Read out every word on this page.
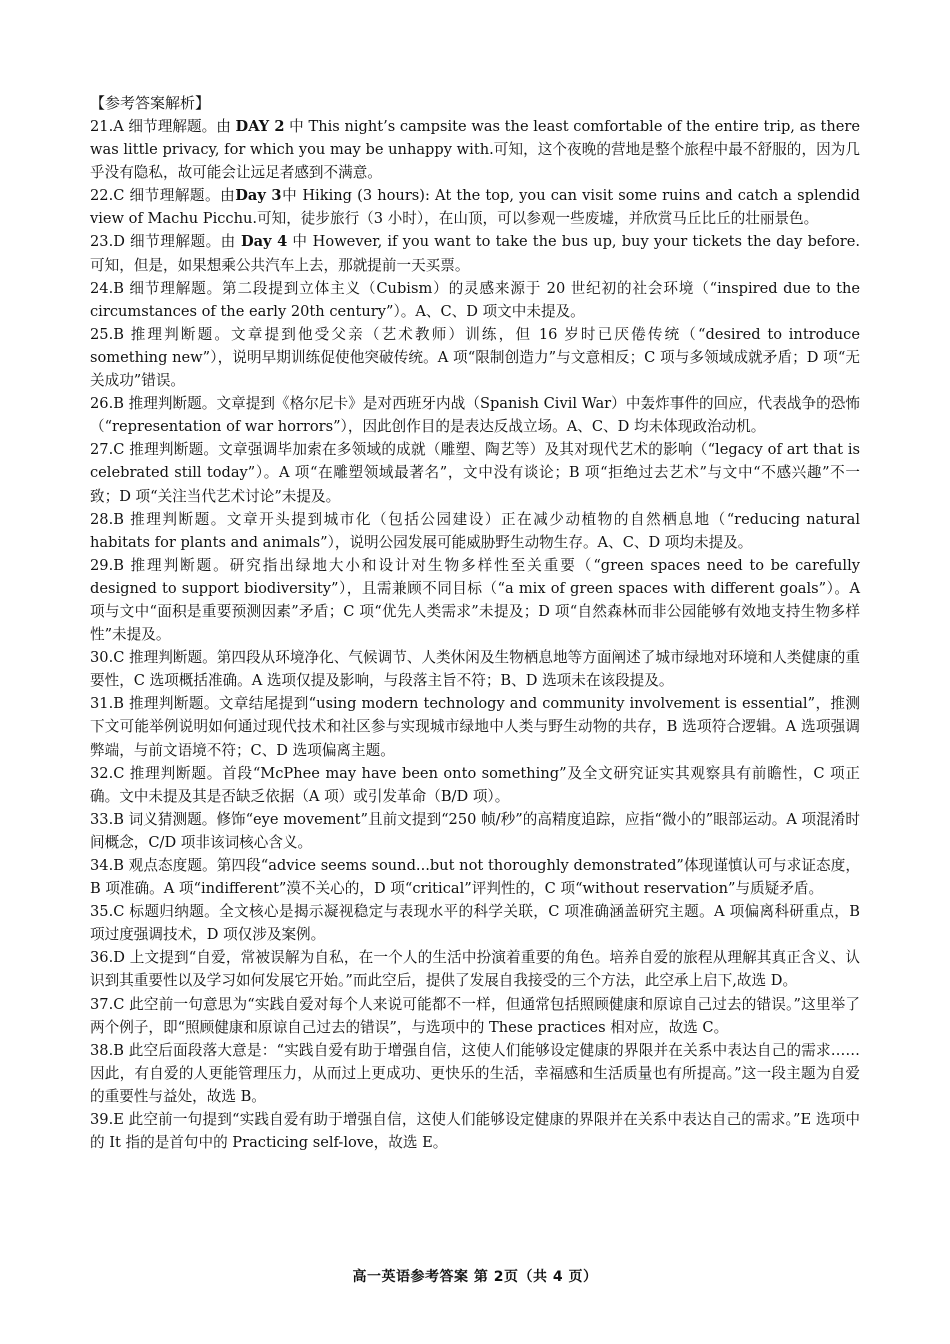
【参考答案解析】

21.A 细节理解题。由 DAY 2 中 This night’s campsite was the least comfortable of the entire trip, as there was little privacy, for which you may be unhappy with.可知，这个夜晚的营地是整个旅程中最不舒服的，因为几乎没有隐私，故可能会让远足者感到不满意。

22.C 细节理解题。由Day 3中 Hiking (3 hours): At the top, you can visit some ruins and catch a splendid view of Machu Picchu.可知，徒步旅行（3 小时），在山顶，可以参观一些废墟，并欣赏马丘比丘的壮丽景色。

23.D 细节理解题。由 Day 4 中 However, if you want to take the bus up, buy your tickets the day before.可知，但是，如果想乘公共汽车上去，那就提前一天买票。

24.B 细节理解题。第二段提到立体主义（Cubism）的灵感来源于 20 世纪初的社会环境（“inspired due to the circumstances of the early 20th century”）。A、C、D 项文中未提及。

25.B 推理判断题。文章提到他受父亲（艺术教师）训练，但 16 岁时已厌倦传统（“desired to introduce something new”），说明早期训练促使他突破传统。A 项“限制创造力”与文意相反；C 项与多领域成就矛盾；D 项“无关成功”错误。

26.B 推理判断题。文章提到《格尔尼卡》是对西班牙内战（Spanish Civil War）中轰炸事件的回应，代表战争的恐怖（“representation of war horrors”），因此创作目的是表达反战立场。A、C、D 均未体现政治动机。

27.C 推理判断题。文章强调毕加索在多领域的成就（雕塑、陶艺等）及其对现代艺术的影响（“legacy of art that is celebrated still today”）。A 项“在雕塑领域最著名”，文中没有谈论；B 项“拒绝过去艺术”与文中“不感兴趣”不一致；D 项“关注当代艺术讨论”未提及。

28.B 推理判断题。文章开头提到城市化（包括公园建设）正在减少动植物的自然栖息地（“reducing natural habitats for plants and animals”），说明公园发展可能威胁野生动物生存。A、C、D 项均未提及。

29.B 推理判断题。研究指出绿地大小和设计对生物多样性至关重要（“green spaces need to be carefully designed to support biodiversity”），且需兼顾不同目标（“a mix of green spaces with different goals”）。A 项与文中“面积是重要预测因素”矛盾；C 项“优先人类需求”未提及；D 项“自然森林而非公园能够有效地支持生物多样性”未提及。

30.C 推理判断题。第四段从环境净化、气候调节、人类休闲及生物栖息地等方面阐述了城市绿地对环境和人类健康的重要性，C 选项概括准确。A 选项仅提及影响，与段落主旨不符；B、D 选项未在该段提及。

31.B 推理判断题。文章结尾提到“using modern technology and community involvement is essential”，推测下文可能举例说明如何通过现代技术和社区参与实现城市绿地中人类与野生动物的共存，B 选项符合逻辑。A 选项强调弊端，与前文语境不符；C、D 选项偏离主题。

32.C 推理判断题。首段“McPhee may have been onto something”及全文研究证实其观察具有前瞻性，C 项正确。文中未提及其是否缺乏依据（A 项）或引发革命（B/D 项）。

33.B 词义猜测题。修饰“eye movement”且前文提到“250 帧/秒”的高精度追踪，应指“微小的”眼部运动。A 项混淆时间概念，C/D 项非该词核心含义。

34.B 观点态度题。第四段“advice seems sound...but not thoroughly demonstrated”体现谨慎认可与求证态度，B 项准确。A 项“indifferent”漠不关心的，D 项“critical”评判性的，C 项“without reservation”与质疑矛盾。

35.C 标题归纳题。全文核心是揭示凝视稳定与表现水平的科学关联，C 项准确涵盖研究主题。A 项偏离科研重点，B 项过度强调技术，D 项仅涉及案例。

36.D 上文提到“自爱，常被误解为自私，在一个人的生活中扮演着重要的角色。培养自爱的旅程从理解其真正含义、认识到其重要性以及学习如何发展它开始。”而此空后，提供了发展自我接受的三个方法，此空承上启下,故选 D。

37.C 此空前一句意思为“实践自爱对每个人来说可能都不一样，但通常包括照顾健康和原谅自己过去的错误。”这里举了两个例子，即“照顾健康和原谅自己过去的错误”，与选项中的 These practices 相对应，故选 C。

38.B 此空后面段落大意是：“实践自爱有助于增强自信，这使人们能够设定健康的界限并在关系中表达自己的需求……因此，有自爱的人更能管理压力，从而过上更成功、更快乐的生活，幸福感和生活质量也有所提高。”这一段主题为自爱的重要性与益处，故选 B。

39.E 此空前一句提到“实践自爱有助于增强自信，这使人们能够设定健康的界限并在关系中表达自己的需求。”E 选项中的 It 指的是首句中的 Practicing self-love，故选 E。

高一英语参考答案 第 2页（共 4 页）
